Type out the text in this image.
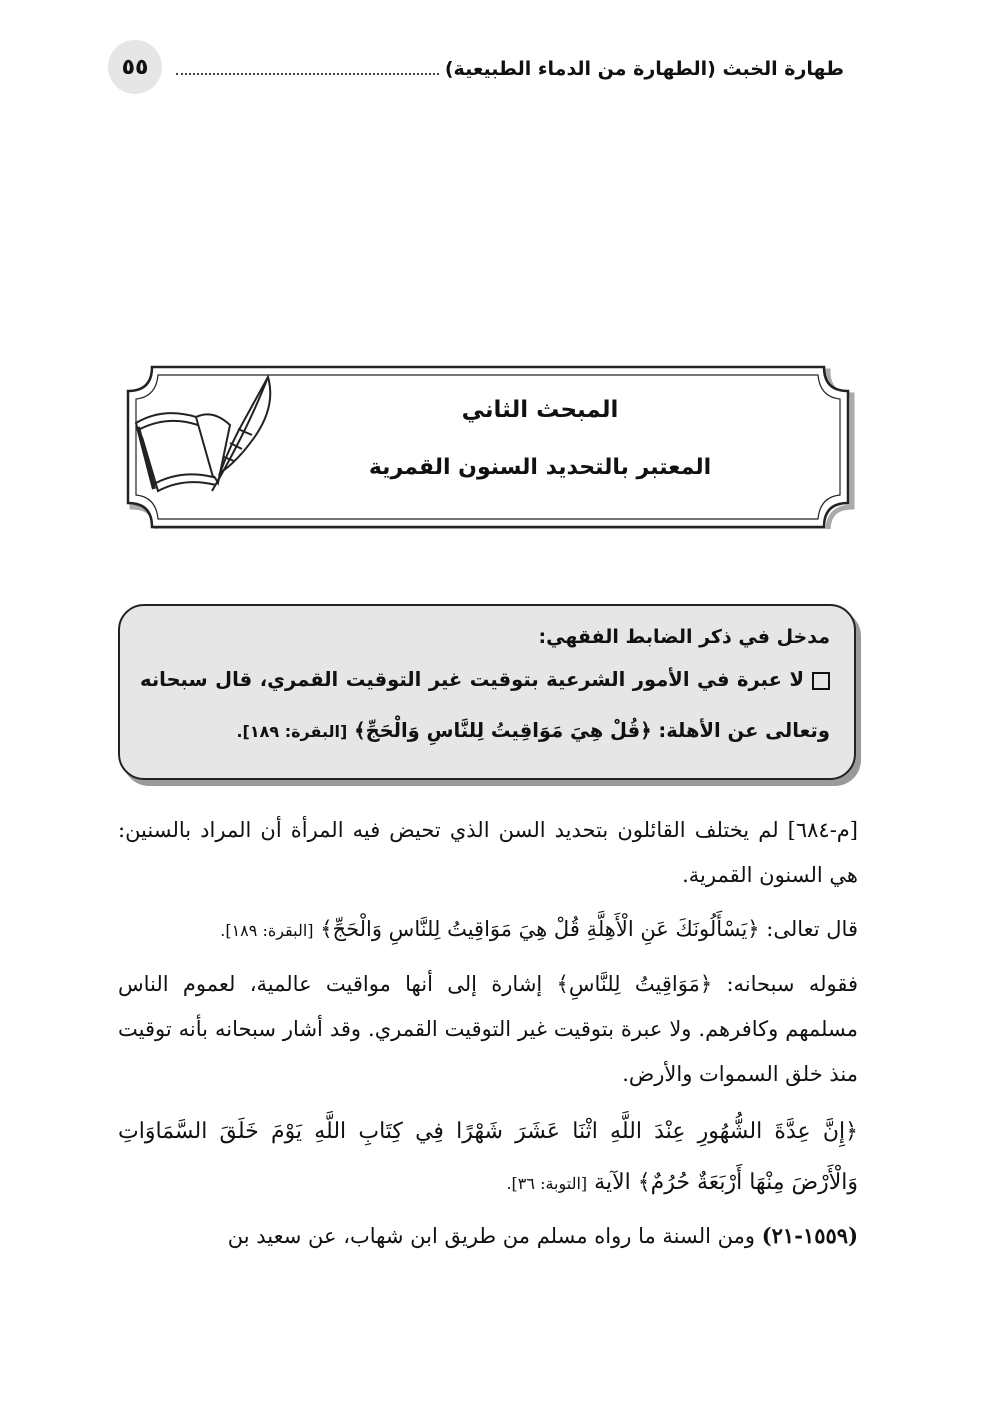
٥٥	طهارة الخبث (الطهارة من الدماء الطبيعية)
المبحث الثاني
المعتبر بالتحديد السنون القمرية
مدخل في ذكر الضابط الفقهي:
لا عبرة في الأمور الشرعية بتوقيت غير التوقيت القمري، قال سبحانه وتعالى عن الأهلة: ﴿قُلْ هِيَ مَوَاقِيتُ لِلنَّاسِ وَالْحَجِّ﴾ [البقرة: ١٨٩].

[م-٦٨٤] لم يختلف القائلون بتحديد السن الذي تحيض فيه المرأة أن المراد بالسنين: هي السنون القمرية.

قال تعالى: ﴿يَسْأَلُونَكَ عَنِ الْأَهِلَّةِ قُلْ هِيَ مَوَاقِيتُ لِلنَّاسِ وَالْحَجِّ﴾ [البقرة: ١٨٩].

فقوله سبحانه: ﴿مَوَاقِيتُ لِلنَّاسِ﴾ إشارة إلى أنها مواقيت عالمية، لعموم الناس مسلمهم وكافرهم. ولا عبرة بتوقيت غير التوقيت القمري. وقد أشار سبحانه بأنه توقيت منذ خلق السموات والأرض.

﴿إِنَّ عِدَّةَ الشُّهُورِ عِنْدَ اللَّهِ اثْنَا عَشَرَ شَهْرًا فِي كِتَابِ اللَّهِ يَوْمَ خَلَقَ السَّمَاوَاتِ وَالْأَرْضَ مِنْهَا أَرْبَعَةٌ حُرُمٌ﴾ الآية [التوبة: ٣٦].

(١٥٥٩-٢١) ومن السنة ما رواه مسلم من طريق ابن شهاب، عن سعيد بن
